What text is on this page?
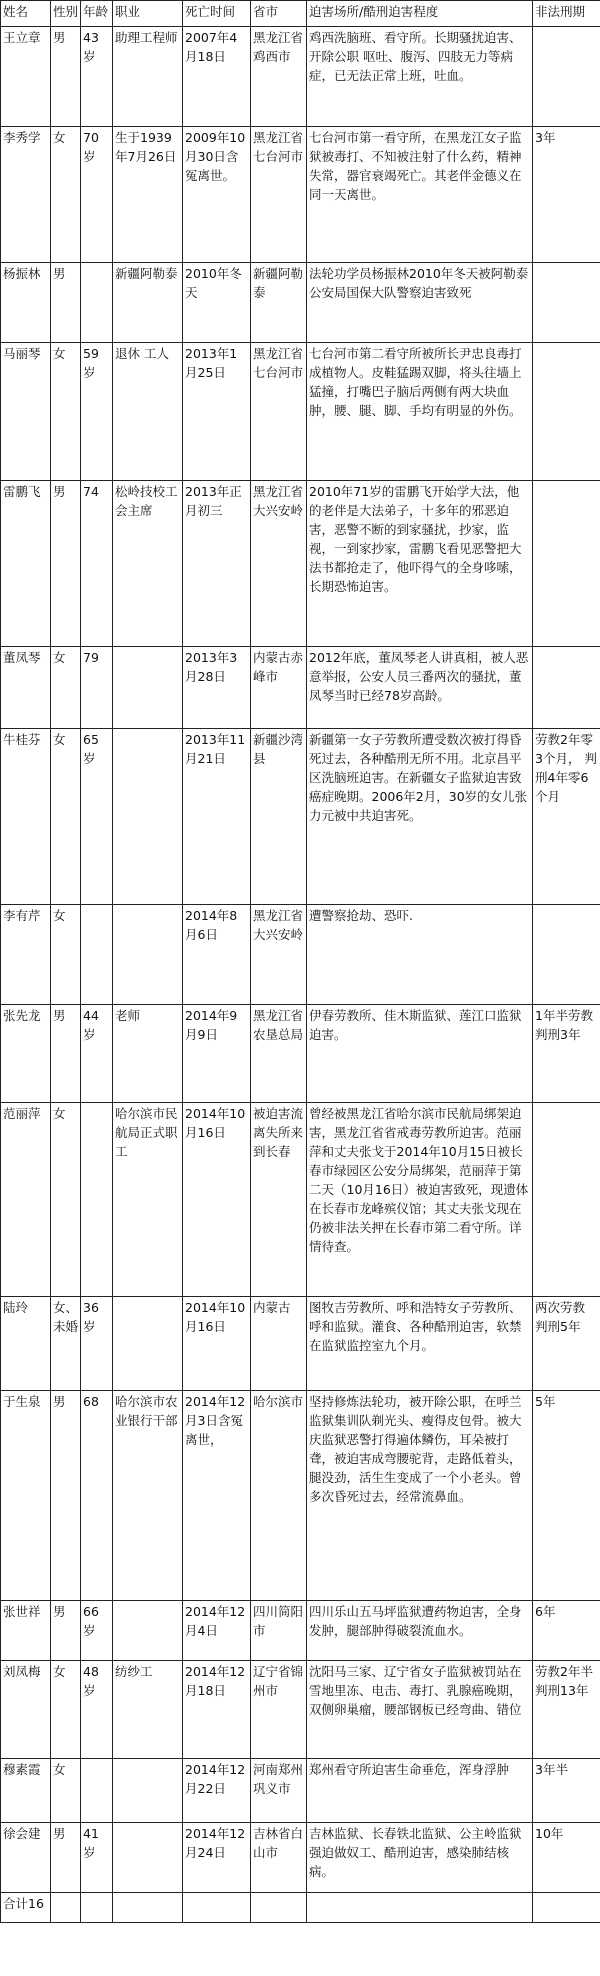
姓名	性别	年龄	职业	死亡时间	省市	迫害场所/酷刑迫害程度	非法刑期
王立章	男	43岁	助理工程师	2007年4月18日	黑龙江省鸡西市	鸡西洗脑班、看守所。长期骚扰迫害、开除公职 呕吐、腹泻、四肢无力等病症，已无法正常上班，吐血。	
李秀学	女	70岁	生于1939年7月26日	2009年10月30日含冤离世。	黑龙江省七台河市	七台河市第一看守所，在黑龙江女子监狱被毒打、不知被注射了什么药，精神失常，器官衰竭死亡。其老伴金德义在同一天离世。	3年
杨振林	男		新疆阿勒泰	2010年冬天	新疆阿勒泰	法轮功学员杨振林2010年冬天被阿勒泰公安局国保大队警察迫害致死	
马丽琴	女	59岁	退休 工人	2013年1月25日	黑龙江省七台河市	七台河市第二看守所被所长尹忠良毒打成植物人。皮鞋猛踢双脚，将头往墙上猛撞，打嘴巴子脑后两侧有两大块血肿，腰、腿、脚、手均有明显的外伤。	
雷鹏飞	男	74	松岭技校工会主席	2013年正月初三	黑龙江省大兴安岭	2010年71岁的雷鹏飞开始学大法，他的老伴是大法弟子，十多年的邪恶迫害，恶警不断的到家骚扰，抄家，监视，一到家抄家，雷鹏飞看见恶警把大法书都抢走了，他吓得气的全身哆嗦，长期恐怖迫害。	
董凤琴	女	79		2013年3月28日	内蒙古赤峰市	2012年底，董凤琴老人讲真相，被人恶意举报，公安人员三番两次的骚扰，董凤琴当时已经78岁高龄。	
牛桂芬	女	65岁		2013年11月21日	新疆沙湾县	新疆第一女子劳教所遭受数次被打得昏死过去，各种酷刑无所不用。北京昌平区洗脑班迫害。在新疆女子监狱迫害致癌症晚期。2006年2月，30岁的女儿张力元被中共迫害死。	劳教2年零3个月， 判刑4年零6个月
李有芹	女			2014年8月6日	黑龙江省大兴安岭	遭警察抢劫、恐吓.	
张先龙	男	44岁	老师	2014年9月9日	黑龙江省农垦总局	伊春劳教所、佳木斯监狱、莲江口监狱迫害。	1年半劳教 判刑3年
范丽萍	女		哈尔滨市民航局正式职工	2014年10月16日	被迫害流离失所来到长春	曾经被黑龙江省哈尔滨市民航局绑架迫害，黑龙江省省戒毒劳教所迫害。范丽萍和丈夫张戈于2014年10月15日被长春市绿园区公安分局绑架，范丽萍于第二天（10月16日）被迫害致死，现遗体在长春市龙峰殡仪馆；其丈夫张戈现在仍被非法关押在长春市第二看守所。详情待查。	
陆玲	女、未婚	36岁		2014年10月16日	内蒙古	图牧吉劳教所、呼和浩特女子劳教所、呼和监狱。灌食、各种酷刑迫害，软禁在监狱监控室九个月。	两次劳教 判刑5年
于生泉	男	68	哈尔滨市农业银行干部	2014年12月3日含冤离世，	哈尔滨市	坚持修炼法轮功，被开除公职，在呼兰监狱集训队剃光头、瘦得皮包骨。被大庆监狱恶警打得遍体鳞伤，耳朵被打聋，被迫害成弯腰驼背，走路低着头，腿没劲，活生生变成了一个小老头。曾多次昏死过去，经常流鼻血。	5年
张世祥	男	66岁		2014年12月4日	四川简阳市	四川乐山五马坪监狱遭药物迫害，全身发肿，腿部肿得破裂流血水。	6年
刘凤梅	女	48岁	纺纱工	2014年12月18日	辽宁省锦州市	沈阳马三家、辽宁省女子监狱被罚站在雪地里冻、电击、毒打、乳腺癌晚期，双侧卵巢瘤，腰部钢板已经弯曲、错位	劳教2年半 判刑13年
穆素霞	女			2014年12月22日	河南郑州巩义市	郑州看守所迫害生命垂危，浑身浮肿	3年半
徐会建	男	41岁		2014年12月24日	吉林省白山市	吉林监狱、长春铁北监狱、公主岭监狱强迫做奴工、酷刑迫害，感染肺结核病。	10年
合计16							
